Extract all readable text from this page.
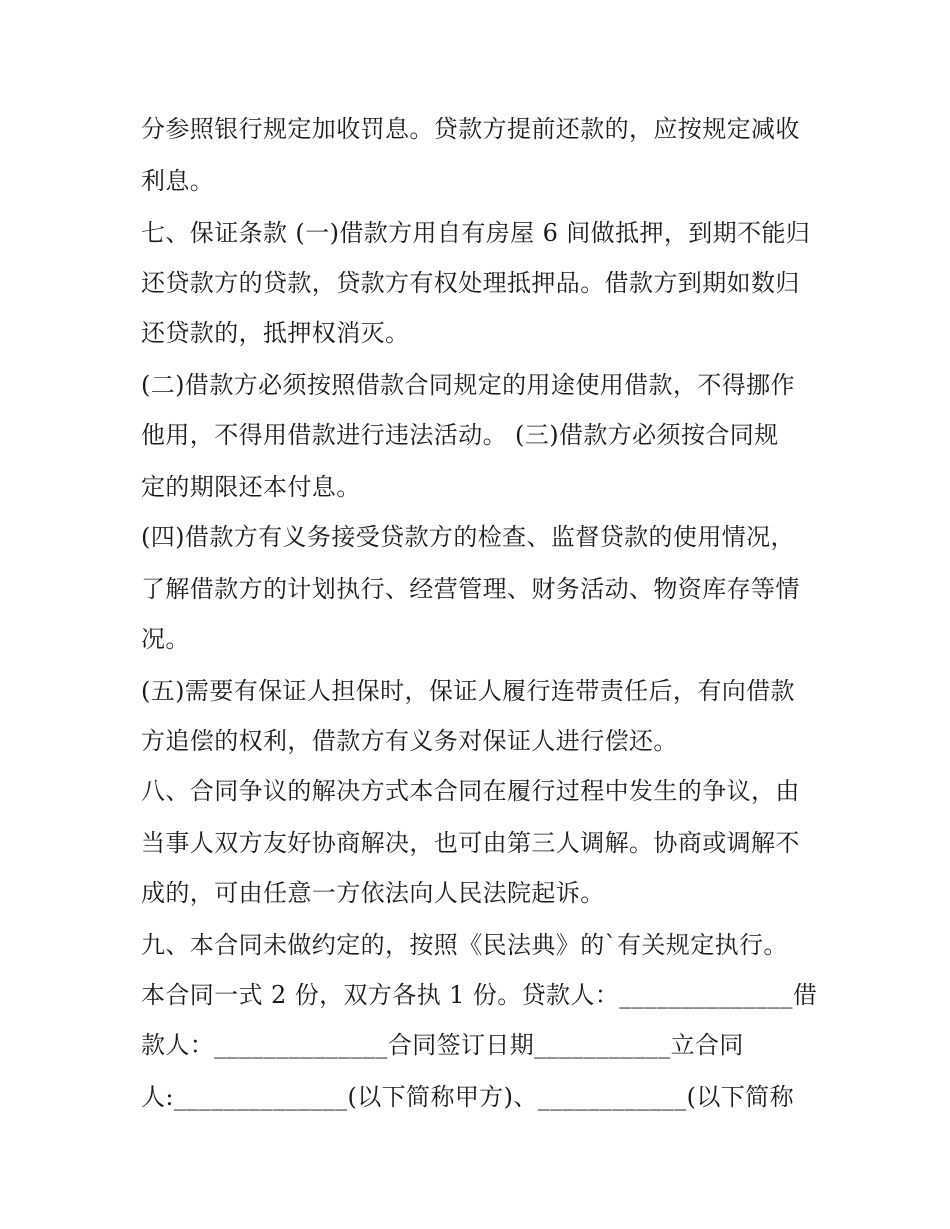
分参照银行规定加收罚息。贷款方提前还款的，应按规定减收
利息。
七、保证条款 (一)借款方用自有房屋 6 间做抵押，到期不能归
还贷款方的贷款，贷款方有权处理抵押品。借款方到期如数归
还贷款的，抵押权消灭。
(二)借款方必须按照借款合同规定的用途使用借款，不得挪作
他用，不得用借款进行违法活动。 (三)借款方必须按合同规
定的期限还本付息。
(四)借款方有义务接受贷款方的检查、监督贷款的使用情况，
了解借款方的计划执行、经营管理、财务活动、物资库存等情
况。
(五)需要有保证人担保时，保证人履行连带责任后，有向借款
方追偿的权利，借款方有义务对保证人进行偿还。
八、合同争议的解决方式本合同在履行过程中发生的争议，由
当事人双方友好协商解决，也可由第三人调解。协商或调解不
成的，可由任意一方依法向人民法院起诉。
九、本合同未做约定的，按照《民法典》的`有关规定执行。
本合同一式 2 份，双方各执 1 份。贷款人：______________借
款人：______________合同签订日期___________立合同
人:______________(以下简称甲方)、____________(以下简称
